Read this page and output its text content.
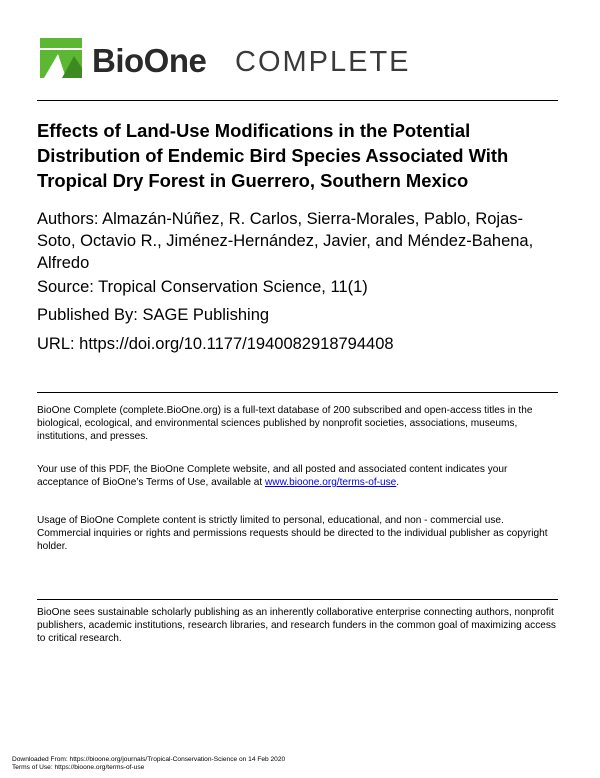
BioOne COMPLETE
Effects of Land-Use Modifications in the Potential Distribution of Endemic Bird Species Associated With Tropical Dry Forest in Guerrero, Southern Mexico

Authors: Almazán-Núñez, R. Carlos, Sierra-Morales, Pablo, Rojas-Soto, Octavio R., Jiménez-Hernández, Javier, and Méndez-Bahena, Alfredo

Source: Tropical Conservation Science, 11(1)

Published By: SAGE Publishing

URL: https://doi.org/10.1177/1940082918794408

BioOne Complete (complete.BioOne.org) is a full-text database of 200 subscribed and open-access titles in the biological, ecological, and environmental sciences published by nonprofit societies, associations, museums, institutions, and presses.

Your use of this PDF, the BioOne Complete website, and all posted and associated content indicates your acceptance of BioOne’s Terms of Use, available at www.bioone.org/terms-of-use.

Usage of BioOne Complete content is strictly limited to personal, educational, and non - commercial use. Commercial inquiries or rights and permissions requests should be directed to the individual publisher as copyright holder.

BioOne sees sustainable scholarly publishing as an inherently collaborative enterprise connecting authors, nonprofit publishers, academic institutions, research libraries, and research funders in the common goal of maximizing access to critical research.

Downloaded From: https://bioone.org/journals/Tropical-Conservation-Science on 14 Feb 2020

Terms of Use: https://bioone.org/terms-of-use
